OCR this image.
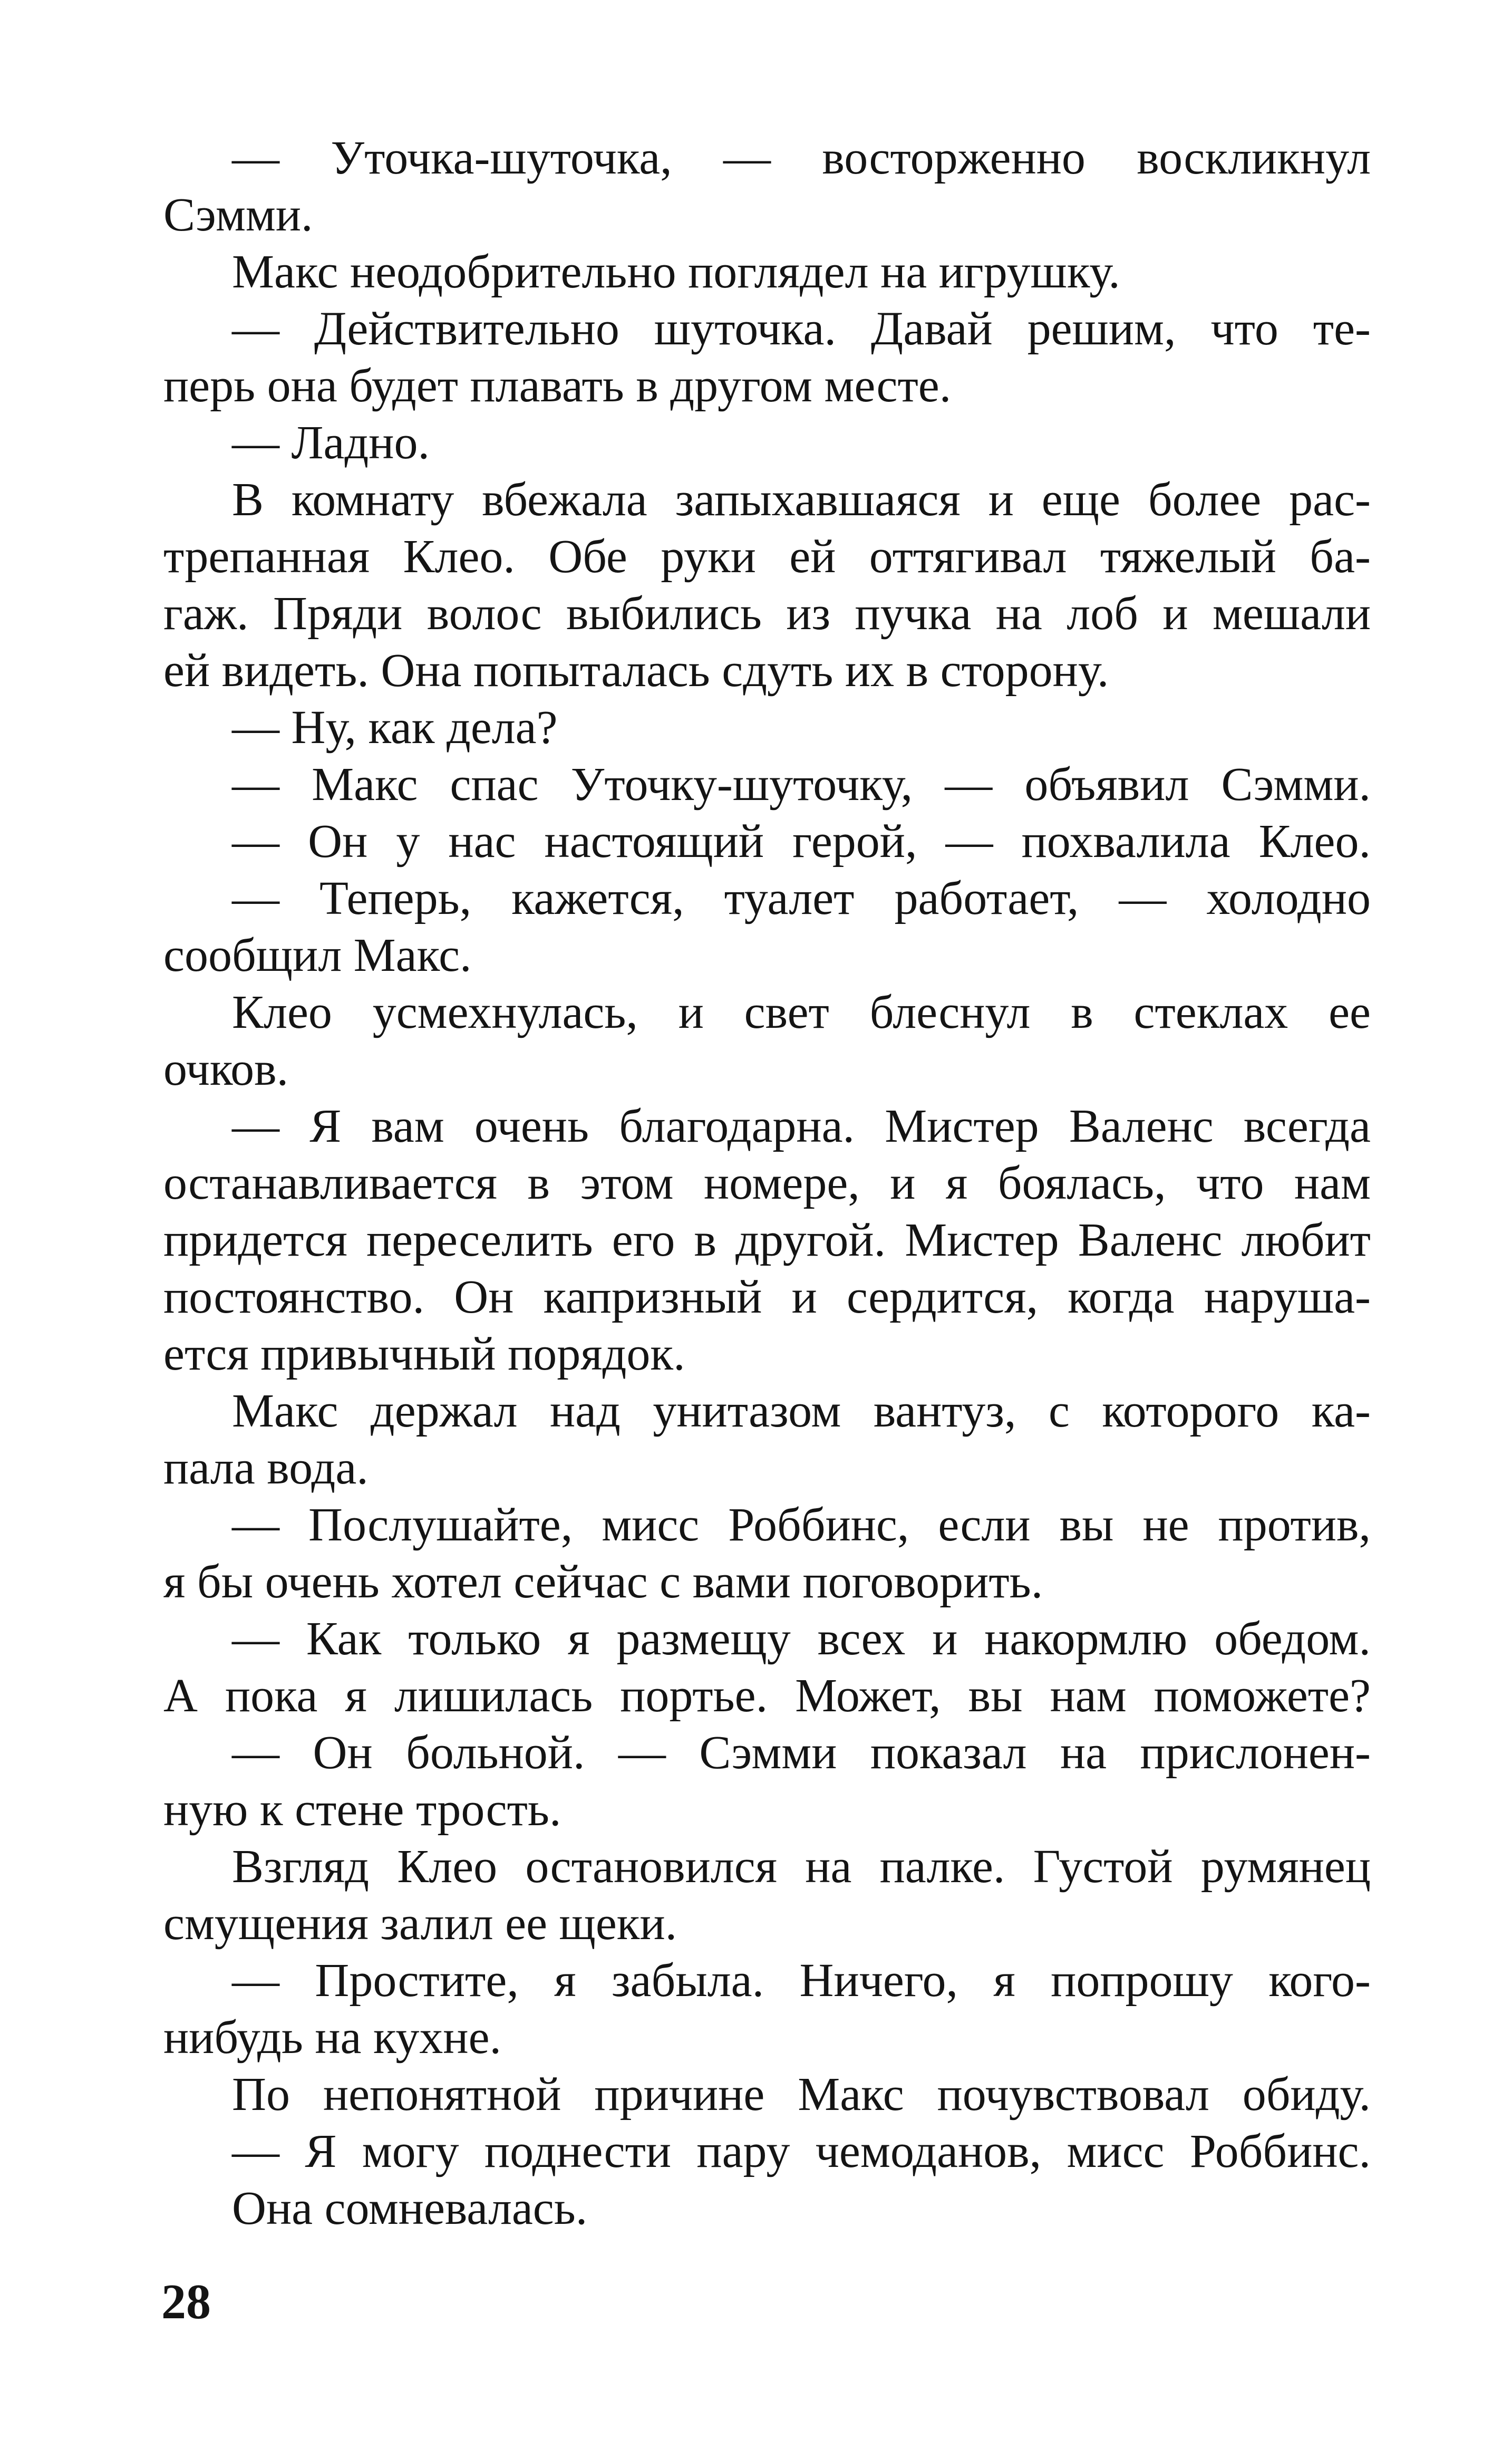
— Уточка-шуточка, — восторженно воскликнул
Сэмми.
Макс неодобрительно поглядел на игрушку.
— Действительно шуточка. Давай решим, что те-
перь она будет плавать в другом месте.
— Ладно.
В комнату вбежала запыхавшаяся и еще более рас-
трепанная Клео. Обе руки ей оттягивал тяжелый ба-
гаж. Пряди волос выбились из пучка на лоб и мешали
ей видеть. Она попыталась сдуть их в сторону.
— Ну, как дела?
— Макс спас Уточку-шуточку, — объявил Сэмми.
— Он у нас настоящий герой, — похвалила Клео.
— Теперь, кажется, туалет работает, — холодно
сообщил Макс.
Клео усмехнулась, и свет блеснул в стеклах ее
очков.
— Я вам очень благодарна. Мистер Валенс всегда
останавливается в этом номере, и я боялась, что нам
придется переселить его в другой. Мистер Валенс любит
постоянство. Он капризный и сердится, когда наруша-
ется привычный порядок.
Макс держал над унитазом вантуз, с которого ка-
пала вода.
— Послушайте, мисс Роббинс, если вы не против,
я бы очень хотел сейчас с вами поговорить.
— Как только я размещу всех и накормлю обедом.
А пока я лишилась портье. Может, вы нам поможете?
— Он больной. — Сэмми показал на прислонен-
ную к стене трость.
Взгляд Клео остановился на палке. Густой румянец
смущения залил ее щеки.
— Простите, я забыла. Ничего, я попрошу кого-
нибудь на кухне.
По непонятной причине Макс почувствовал обиду.
— Я могу поднести пару чемоданов, мисс Роббинс.
Она сомневалась.
28
